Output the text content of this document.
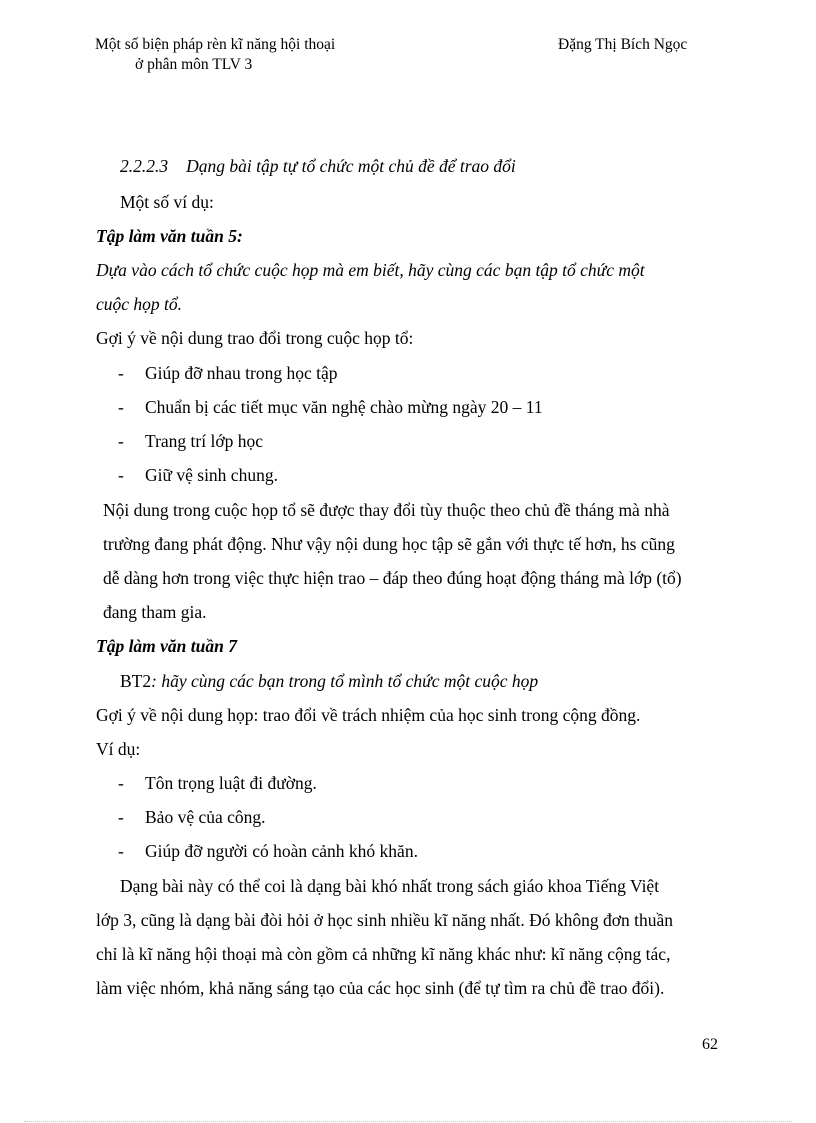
Một số biện pháp rèn kĩ năng hội thoại
ở phân môn TLV 3
Đặng Thị Bích Ngọc
2.2.2.3 Dạng bài tập tự tổ chức một chủ đề để trao đổi
Một số ví dụ:
Tập làm văn tuần 5:
Dựa vào cách tổ chức cuộc họp mà em biết, hãy cùng các bạn tập tổ chức một
cuộc họp tổ.
Gợi ý về nội dung trao đổi trong cuộc họp tổ:
- Giúp đỡ nhau trong học tập
- Chuẩn bị các tiết mục văn nghệ chào mừng ngày 20 – 11
- Trang trí lớp học
- Giữ vệ sinh chung.
Nội dung trong cuộc họp tổ sẽ được thay đổi tùy thuộc theo chủ đề tháng mà nhà
trường đang phát động. Như vậy nội dung học tập sẽ gắn với thực tế hơn, hs cũng
dễ dàng hơn trong việc thực hiện trao – đáp theo đúng hoạt động tháng mà lớp (tổ)
đang tham gia.
Tập làm văn tuần 7
BT2: hãy cùng các bạn trong tổ mình tổ chức một cuộc họp
Gợi ý về nội dung họp: trao đổi về trách nhiệm của học sinh trong cộng đồng.
Ví dụ:
- Tôn trọng luật đi đường.
- Bảo vệ của công.
- Giúp đỡ người có hoàn cảnh khó khăn.
Dạng bài này có thể coi là dạng bài khó nhất trong sách giáo khoa Tiếng Việt
lớp 3, cũng là dạng bài đòi hỏi ở học sinh nhiều kĩ năng nhất. Đó không đơn thuần
chỉ là kĩ năng hội thoại mà còn gồm cả những kĩ năng khác như: kĩ năng cộng tác,
làm việc nhóm, khả năng sáng tạo của các học sinh (để tự tìm ra chủ đề trao đổi).
62
